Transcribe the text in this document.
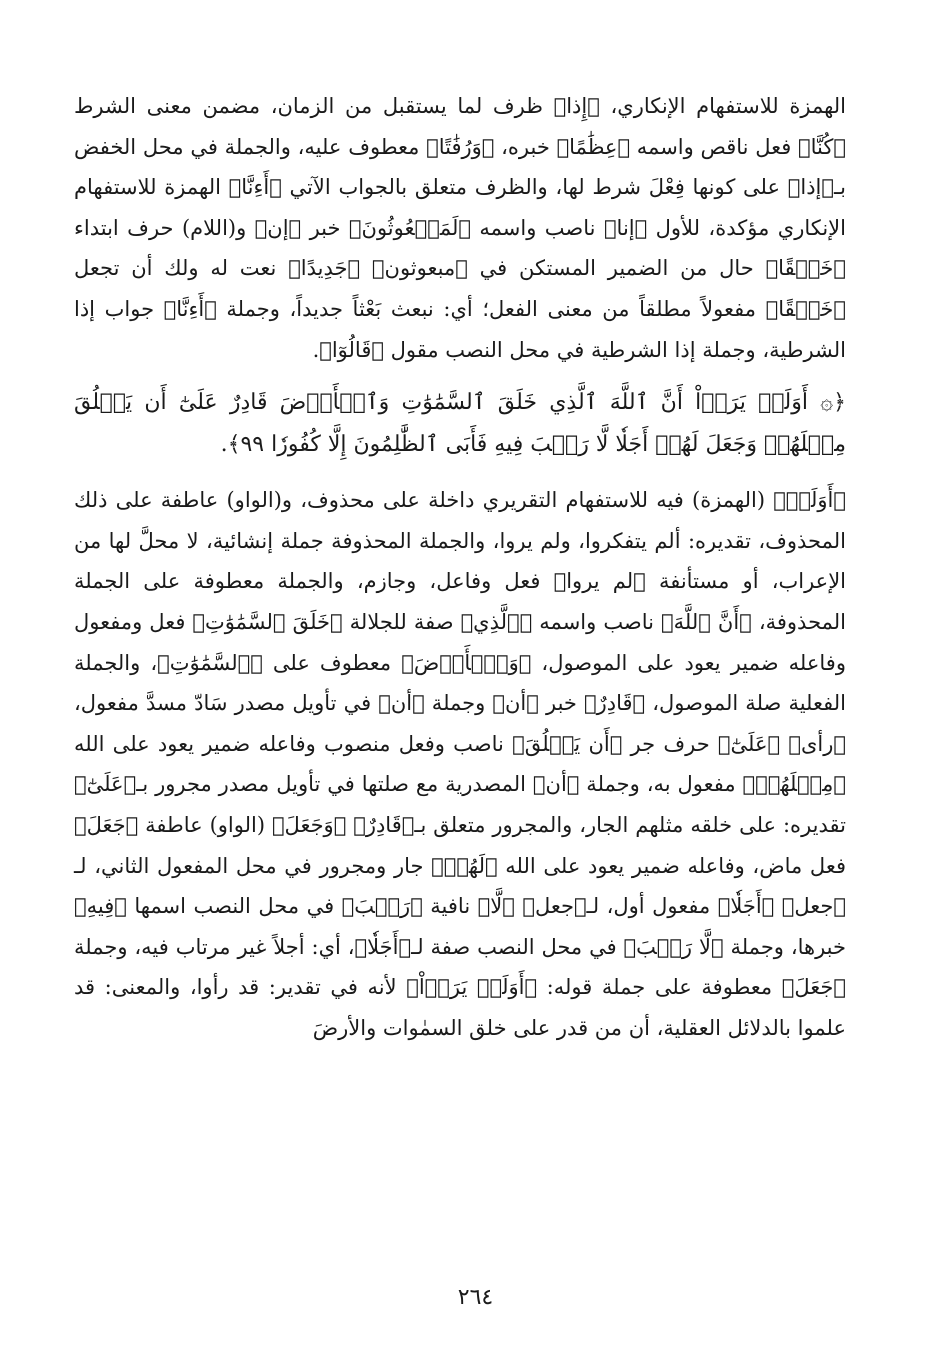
الهمزة للاستفهام الإنكاري، ﴿إِذا﴾ ظرف لما يستقبل من الزمان، مضمن معنى الشرط ﴿كُنَّا﴾ فعل ناقص واسمه ﴿عِظَٰمًا﴾ خبره، ﴿وَرُفَٰتًا﴾ معطوف عليه، والجملة في محل الخفض بـ﴿إذا﴾ على كونها فِعْلَ شرط لها، والظرف متعلق بالجواب الآتي ﴿أَءِنَّا﴾ الهمزة للاستفهام الإنكاري مؤكدة، للأول ﴿إنا﴾ ناصب واسمه ﴿لَمَبۡعُوثُونَ﴾ خبر ﴿إن﴾ و(اللام) حرف ابتداء ﴿خَلۡقًا﴾ حال من الضمير المستكن في ﴿مبعوثون﴾ ﴿جَدِيدًا﴾ نعت له ولك أن تجعل ﴿خَلۡقًا﴾ مفعولاً مطلقاً من معنى الفعل؛ أي: نبعث بَعْثاً جديداً، وجملة ﴿أَءِنَّا﴾ جواب إذا الشرطية، وجملة إذا الشرطية في محل النصب مقول ﴿قَالُوٓا﴾.

﴿۞ أَوَلَمۡ يَرَوۡاْ أَنَّ ٱللَّهَ ٱلَّذِي خَلَقَ ٱلسَّمَٰوَٰتِ وَٱلۡأَرۡضَ قَادِرٌ عَلَىٰٓ أَن يَخۡلُقَ مِثۡلَهُمۡ وَجَعَلَ لَهُمۡ أَجَلٗا لَّا رَيۡبَ فِيهِ فَأَبَى ٱلظَّٰلِمُونَ إِلَّا كُفُورٗا ٩٩﴾.

﴿أَوَلَمۡ﴾ (الهمزة) فيه للاستفهام التقريري داخلة على محذوف، و(الواو) عاطفة على ذلك المحذوف، تقديره: ألم يتفكروا، ولم يروا، والجملة المحذوفة جملة إنشائية، لا محلَّ لها من الإعراب، أو مستأنفة ﴿لم يروا﴾ فعل وفاعل، وجازم، والجملة معطوفة على الجملة المحذوفة، ﴿أَنَّ ٱللَّهَ﴾ ناصب واسمه ﴿ٱلَّذِي﴾ صفة للجلالة ﴿خَلَقَ ٱلسَّمَٰوَٰتِ﴾ فعل ومفعول وفاعله ضمير يعود على الموصول، ﴿وَٱلۡأَرۡضَ﴾ معطوف على ﴿ٱلسَّمَٰوَٰتِ﴾، والجملة الفعلية صلة الموصول، ﴿قَادِرٌ﴾ خبر ﴿أن﴾ وجملة ﴿أن﴾ في تأويل مصدر سَادّ مسدَّ مفعول، ﴿رأى﴾ ﴿عَلَىٰٓ﴾ حرف جر ﴿أَن يَخۡلُقَ﴾ ناصب وفعل منصوب وفاعله ضمير يعود على الله ﴿مِثۡلَهُمۡ﴾ مفعول به، وجملة ﴿أن﴾ المصدرية مع صلتها في تأويل مصدر مجرور بـ﴿عَلَىٰٓ﴾ تقديره: على خلقه مثلهم الجار، والمجرور متعلق بـ﴿قَادِرٌ﴾ ﴿وَجَعَلَ﴾ (الواو) عاطفة ﴿جَعَلَ﴾ فعل ماض، وفاعله ضمير يعود على الله ﴿لَهُمۡ﴾ جار ومجرور في محل المفعول الثاني، لـ ﴿جعل﴾ ﴿أَجَلٗا﴾ مفعول أول، لـ﴿جعل﴾ ﴿لَّا﴾ نافية ﴿رَيۡبَ﴾ في محل النصب اسمها ﴿فِيهِ﴾ خبرها، وجملة ﴿لَّا رَيۡبَ﴾ في محل النصب صفة لـ﴿أَجَلٗا﴾، أي: أجلاً غير مرتاب فيه، وجملة ﴿جَعَلَ﴾ معطوفة على جملة قوله: ﴿أَوَلَمۡ يَرَوۡاْ﴾ لأنه في تقدير: قد رأوا، والمعنى: قد علموا بالدلائل العقلية، أن من قدر على خلق السمٰوات والأرضَ

٢٦٤
